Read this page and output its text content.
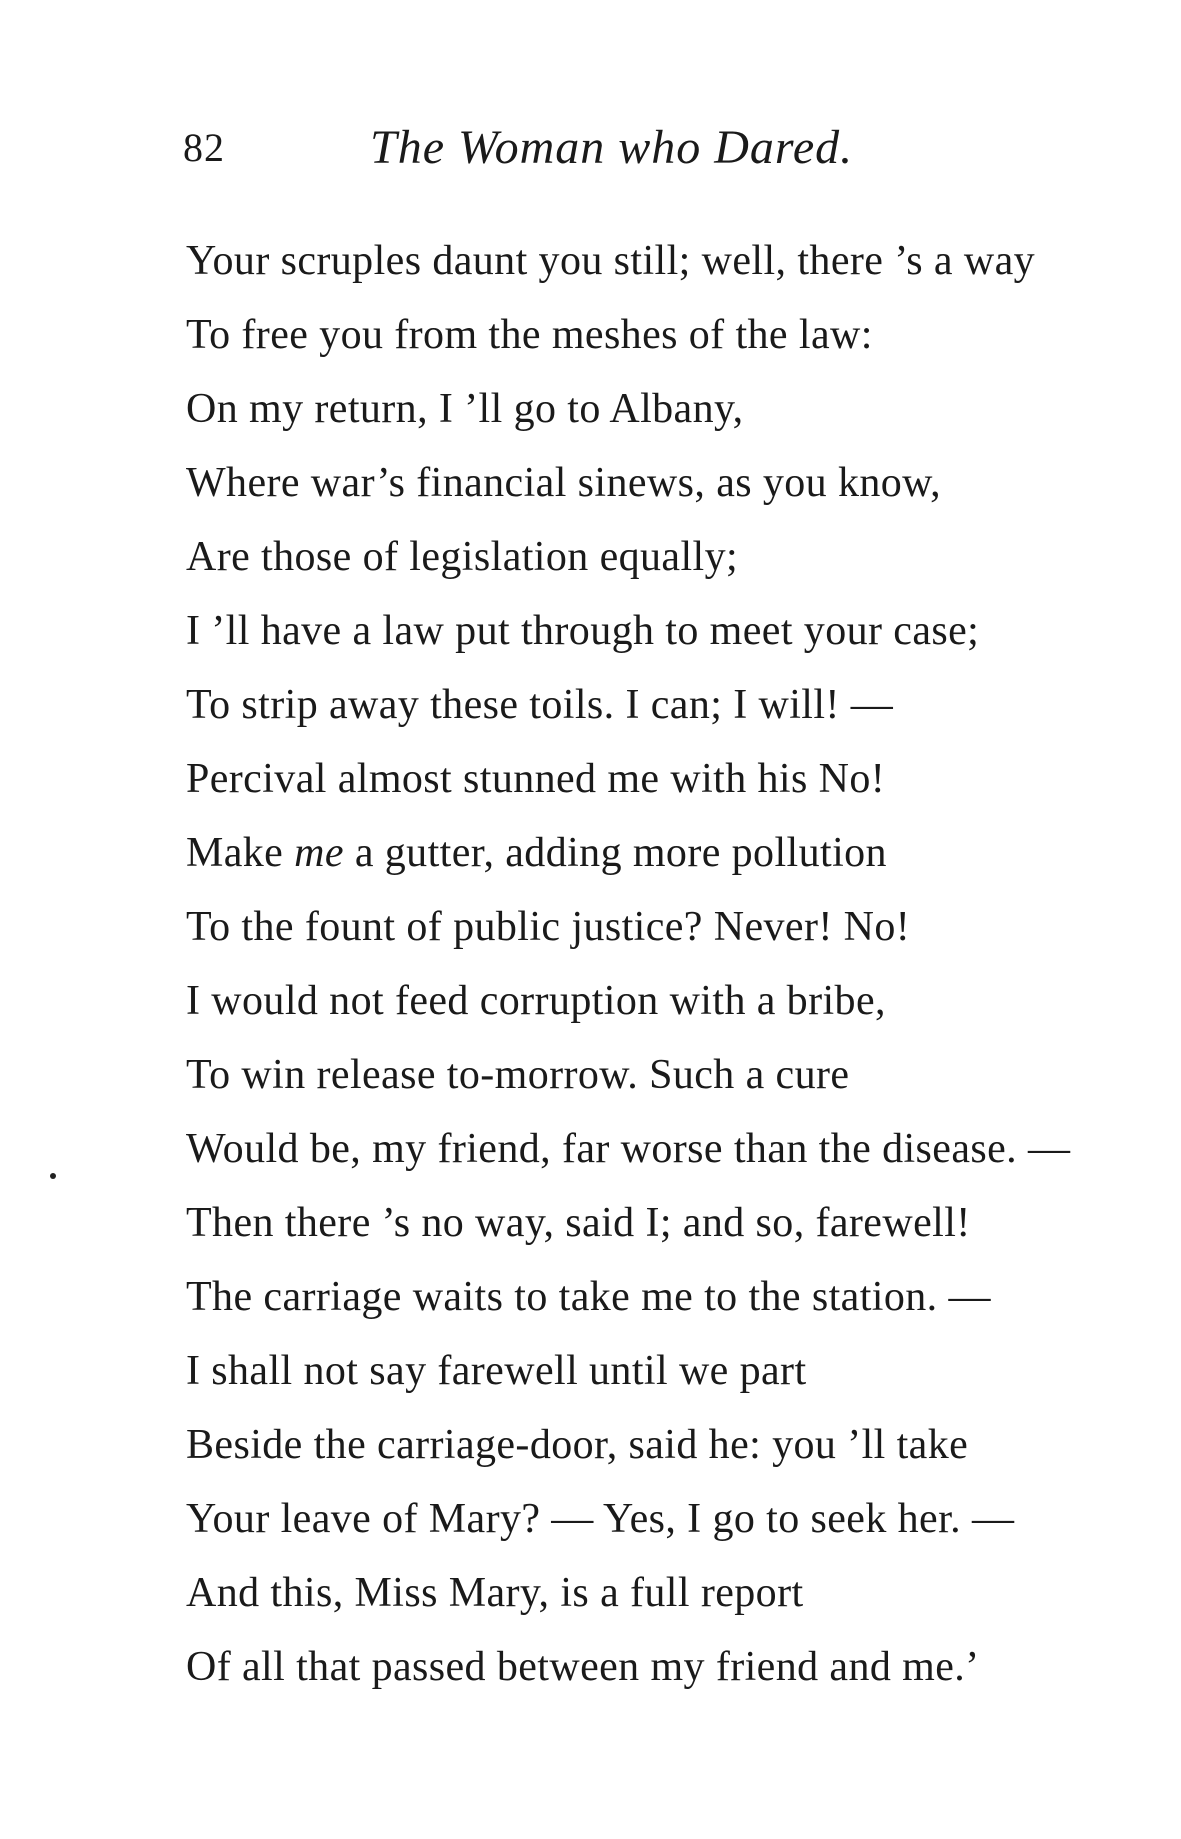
82	The Woman who Dared.
Your scruples daunt you still; well, there ’s a way
To free you from the meshes of the law:
On my return, I ’ll go to Albany,
Where war’s financial sinews, as you know,
Are those of legislation equally;
I ’ll have a law put through to meet your case;
To strip away these toils. I can; I will! —
Percival almost stunned me with his No!
Make me a gutter, adding more pollution
To the fount of public justice? Never! No!
I would not feed corruption with a bribe,
To win release to-morrow. Such a cure
Would be, my friend, far worse than the disease. —
Then there ’s no way, said I; and so, farewell!
The carriage waits to take me to the station. —
I shall not say farewell until we part
Beside the carriage-door, said he: you ’ll take
Your leave of Mary? — Yes, I go to seek her. —
And this, Miss Mary, is a full report
Of all that passed between my friend and me.’
